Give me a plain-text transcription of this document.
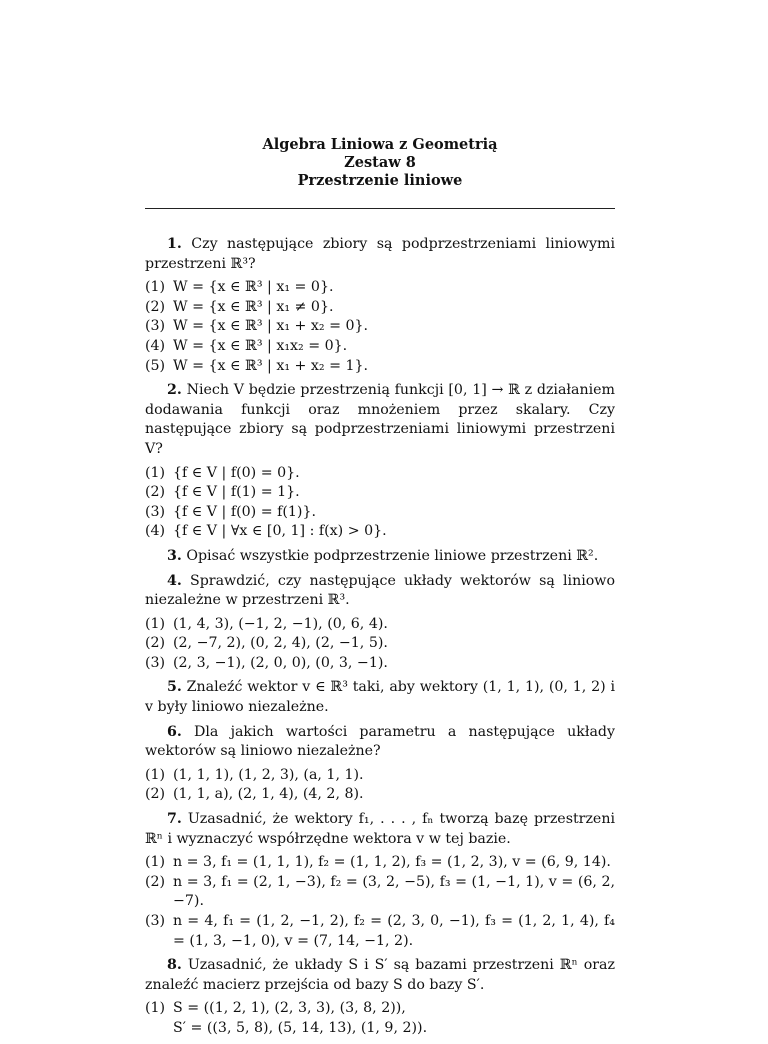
Algebra Liniowa z Geometrią
Zestaw 8
Przestrzenie liniowe

1. Czy następujące zbiory są podprzestrzeniami liniowymi przestrzeni ℝ³?

(1) W = {x ∈ ℝ³ | x₁ = 0}.
(2) W = {x ∈ ℝ³ | x₁ ≠ 0}.
(3) W = {x ∈ ℝ³ | x₁ + x₂ = 0}.
(4) W = {x ∈ ℝ³ | x₁x₂ = 0}.
(5) W = {x ∈ ℝ³ | x₁ + x₂ = 1}.

2. Niech V będzie przestrzenią funkcji [0, 1] → ℝ z działaniem dodawania funkcji oraz mnożeniem przez skalary. Czy następujące zbiory są podprzestrzeniami liniowymi przestrzeni V?

(1) {f ∈ V | f(0) = 0}.
(2) {f ∈ V | f(1) = 1}.
(3) {f ∈ V | f(0) = f(1)}.
(4) {f ∈ V | ∀x ∈ [0, 1] : f(x) > 0}.

3. Opisać wszystkie podprzestrzenie liniowe przestrzeni ℝ².

4. Sprawdzić, czy następujące układy wektorów są liniowo niezależne w przestrzeni ℝ³.

(1) (1, 4, 3), (−1, 2, −1), (0, 6, 4).
(2) (2, −7, 2), (0, 2, 4), (2, −1, 5).
(3) (2, 3, −1), (2, 0, 0), (0, 3, −1).

5. Znaleźć wektor v ∈ ℝ³ taki, aby wektory (1, 1, 1), (0, 1, 2) i v były liniowo niezależne.

6. Dla jakich wartości parametru a następujące układy wektorów są liniowo niezależne?

(1) (1, 1, 1), (1, 2, 3), (a, 1, 1).
(2) (1, 1, a), (2, 1, 4), (4, 2, 8).

7. Uzasadnić, że wektory f₁, . . . , fₙ tworzą bazę przestrzeni ℝⁿ i wyznaczyć współrzędne wektora v w tej bazie.

(1) n = 3, f₁ = (1, 1, 1), f₂ = (1, 1, 2), f₃ = (1, 2, 3), v = (6, 9, 14).
(2) n = 3, f₁ = (2, 1, −3), f₂ = (3, 2, −5), f₃ = (1, −1, 1), v = (6, 2, −7).
(3) n = 4, f₁ = (1, 2, −1, 2), f₂ = (2, 3, 0, −1), f₃ = (1, 2, 1, 4), f₄ = (1, 3, −1, 0), v = (7, 14, −1, 2).

8. Uzasadnić, że układy S i S′ są bazami przestrzeni ℝⁿ oraz znaleźć macierz przejścia od bazy S do bazy S′.

(1) S = ((1, 2, 1), (2, 3, 3), (3, 8, 2)),
S′ = ((3, 5, 8), (5, 14, 13), (1, 9, 2)).
